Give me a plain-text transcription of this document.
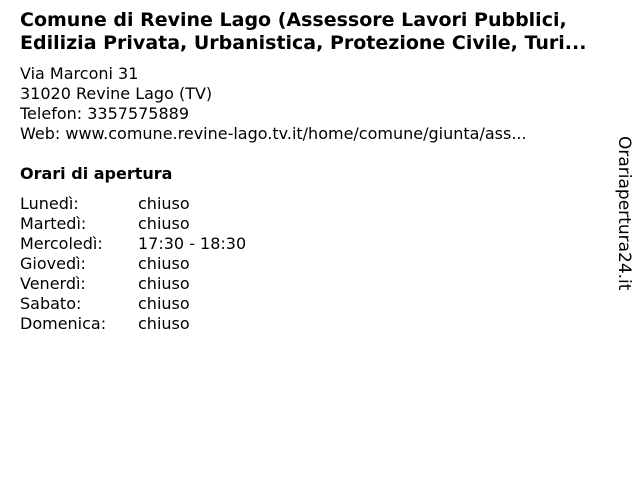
Comune di Revine Lago (Assessore Lavori Pubblici,
Edilizia Privata, Urbanistica, Protezione Civile, Turi...
Via Marconi 31
31020 Revine Lago (TV)
Telefon: 3357575889
Web: www.comune.revine-lago.tv.it/home/comune/giunta/ass...
Orari di apertura
Lunedì:	chiuso
Martedì:	chiuso
Mercoledì: 17:30 - 18:30
Giovedì:	chiuso
Venerdì:	chiuso
Sabato:	chiuso
Domenica: chiuso
Orariapertura24.it
